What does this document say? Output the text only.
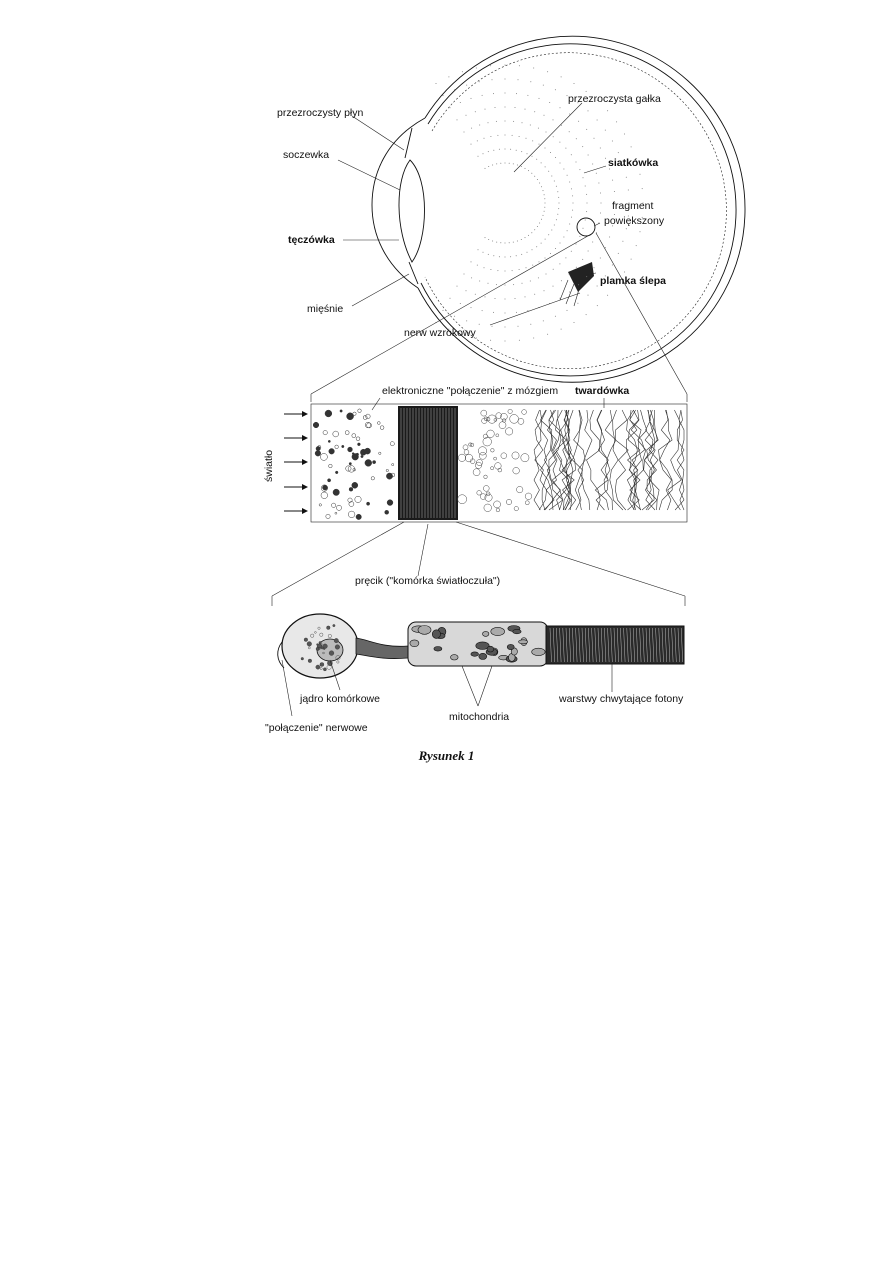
przezroczysty płyn
przezroczysta gałka
soczewka
siatkówka
fragment
powiększony
tęczówka
plamka ślepa
mięśnie
nerw wzrokowy
elektroniczne "połączenie" z mózgiem twardówka
światło
pręcik ("komórka światłoczuła")
jądro komórkowe
"połączenie" nerwowe
mitochondria
warstwy chwytające fotony
Rysunek 1
